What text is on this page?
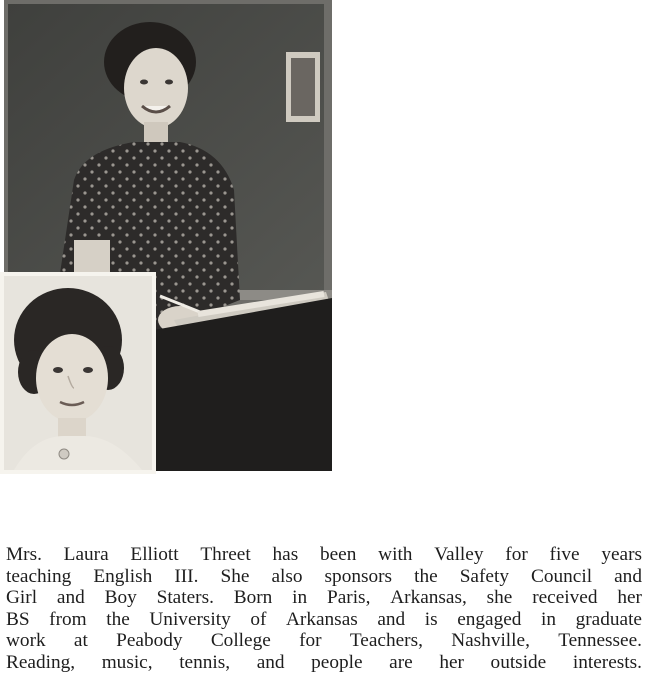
Mrs. Laura Elliott Threet has been with Valley for five years
teaching English III. She also sponsors the Safety Council and
Girl and Boy Staters. Born in Paris, Arkansas, she received her
BS from the University of Arkansas and is engaged in graduate
work at Peabody College for Teachers, Nashville, Tennessee.
Reading, music, tennis, and people are her outside interests.
